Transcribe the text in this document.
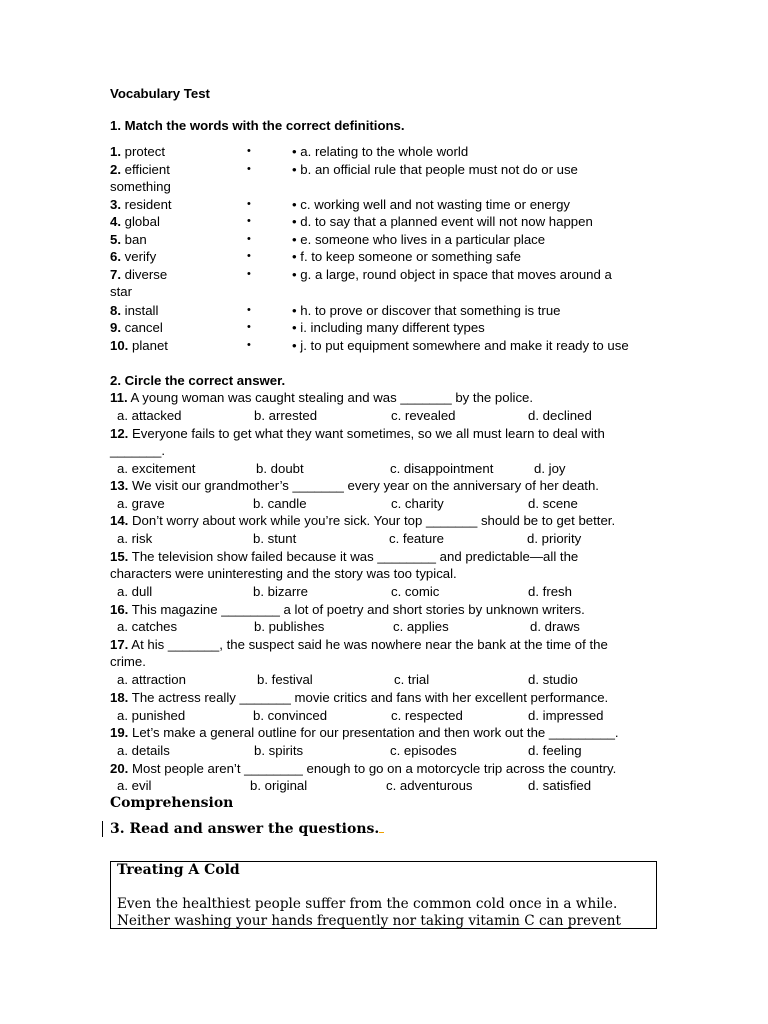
Vocabulary Test
1. Match the words with the correct definitions.
1. protect	•	• a. relating to the whole world
2. efficient	•	• b. an official rule that people must not do or use
something
3. resident	•	• c. working well and not wasting time or energy
4. global	•	• d. to say that a planned event will not now happen
5. ban	•	• e. someone who lives in a particular place
6. verify	•	• f. to keep someone or something safe
7. diverse	•	• g. a large, round object in space that moves around a
star
8. install	•	• h. to prove or discover that something is true
9. cancel	•	• i. including many different types
10. planet	•	• j. to put equipment somewhere and make it ready to use
2. Circle the correct answer.
11. A young woman was caught stealing and was _______ by the police.
a. attacked	b. arrested	c. revealed	d. declined
12. Everyone fails to get what they want sometimes, so we all must learn to deal with
_______.
a. excitement	b. doubt	c. disappointment	d. joy
13. We visit our grandmother’s _______ every year on the anniversary of her death.
a. grave	b. candle	c. charity	d. scene
14. Don’t worry about work while you’re sick. Your top _______ should be to get better.
a. risk	b. stunt	c. feature	d. priority
15. The television show failed because it was ________ and predictable—all the
characters were uninteresting and the story was too typical.
a. dull	b. bizarre	c. comic	d. fresh
16. This magazine ________ a lot of poetry and short stories by unknown writers.
a. catches	b. publishes	c. applies	d. draws
17. At his _______, the suspect said he was nowhere near the bank at the time of the
crime.
a. attraction	b. festival	c. trial	d. studio
18. The actress really _______ movie critics and fans with her excellent performance.
a. punished	b. convinced	c. respected	d. impressed
19. Let’s make a general outline for our presentation and then work out the _________.
a. details	b. spirits	c. episodes	d. feeling
20. Most people aren’t ________ enough to go on a motorcycle trip across the country.
a. evil	b. original	c. adventurous	d. satisfied
Comprehension
3. Read and answer the questions.
Treating A Cold
Even the healthiest people suffer from the common cold once in a while.
Neither washing your hands frequently nor taking vitamin C can prevent
